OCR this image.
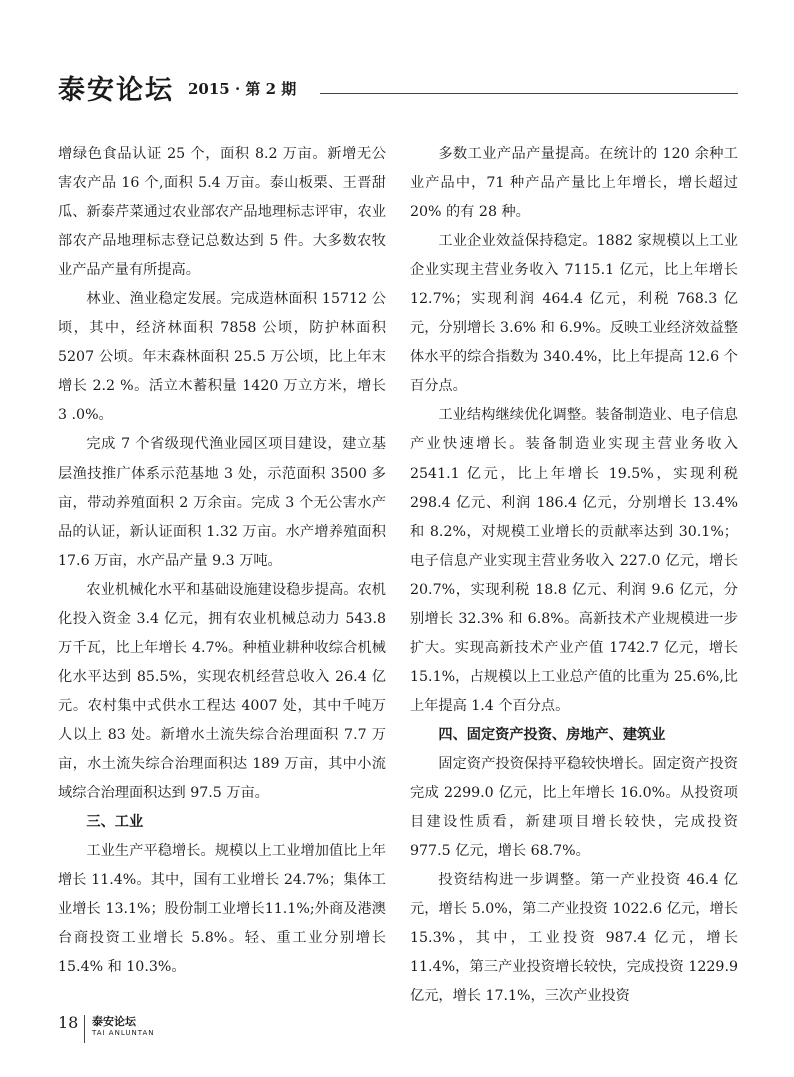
泰安论坛 2015 · 第 2 期

增绿色食品认证 25 个，面积 8.2 万亩。新增无公害农产品 16 个,面积 5.4 万亩。泰山板栗、王晋甜瓜、新泰芹菜通过农业部农产品地理标志评审，农业部农产品地理标志登记总数达到 5 件。大多数农牧业产品产量有所提高。

林业、渔业稳定发展。完成造林面积 15712 公顷，其中，经济林面积 7858 公顷，防护林面积 5207 公顷。年末森林面积 25.5 万公顷，比上年末增长 2.2 %。活立木蓄积量 1420 万立方米，增长 3 .0%。

完成 7 个省级现代渔业园区项目建设，建立基层渔技推广体系示范基地 3 处，示范面积 3500 多亩，带动养殖面积 2 万余亩。完成 3 个无公害水产品的认证，新认证面积 1.32 万亩。水产增养殖面积 17.6 万亩，水产品产量 9.3 万吨。

农业机械化水平和基础设施建设稳步提高。农机化投入资金 3.4 亿元，拥有农业机械总动力 543.8 万千瓦，比上年增长 4.7%。种植业耕种收综合机械化水平达到 85.5%，实现农机经营总收入 26.4 亿元。农村集中式供水工程达 4007 处，其中千吨万人以上 83 处。新增水土流失综合治理面积 7.7 万亩，水土流失综合治理面积达 189 万亩，其中小流域综合治理面积达到 97.5 万亩。

三、工业

工业生产平稳增长。规模以上工业增加值比上年增长 11.4%。其中，国有工业增长 24.7%；集体工业增长 13.1%；股份制工业增长11.1%;外商及港澳台商投资工业增长 5.8%。轻、重工业分别增长 15.4% 和 10.3%。

多数工业产品产量提高。在统计的 120 余种工业产品中，71 种产品产量比上年增长，增长超过 20% 的有 28 种。

工业企业效益保持稳定。1882 家规模以上工业企业实现主营业务收入 7115.1 亿元，比上年增长 12.7%；实现利润 464.4 亿元，利税 768.3 亿元，分别增长 3.6% 和 6.9%。反映工业经济效益整体水平的综合指数为 340.4%，比上年提高 12.6 个百分点。

工业结构继续优化调整。装备制造业、电子信息产业快速增长。装备制造业实现主营业务收入 2541.1 亿元，比上年增长 19.5%，实现利税 298.4 亿元、利润 186.4 亿元，分别增长 13.4% 和 8.2%，对规模工业增长的贡献率达到 30.1%；电子信息产业实现主营业务收入 227.0 亿元，增长 20.7%，实现利税 18.8 亿元、利润 9.6 亿元，分别增长 32.3% 和 6.8%。高新技术产业规模进一步扩大。实现高新技术产业产值 1742.7 亿元，增长 15.1%，占规模以上工业总产值的比重为 25.6%,比上年提高 1.4 个百分点。

四、固定资产投资、房地产、建筑业

固定资产投资保持平稳较快增长。固定资产投资完成 2299.0 亿元，比上年增长 16.0%。从投资项目建设性质看，新建项目增长较快，完成投资 977.5 亿元，增长 68.7%。

投资结构进一步调整。第一产业投资 46.4 亿元，增长 5.0%，第二产业投资 1022.6 亿元，增长 15.3%，其中，工业投资 987.4 亿元，增长 11.4%，第三产业投资增长较快，完成投资 1229.9 亿元，增长 17.1%，三次产业投资

18 泰安论坛
TAI ANLUNTAN
